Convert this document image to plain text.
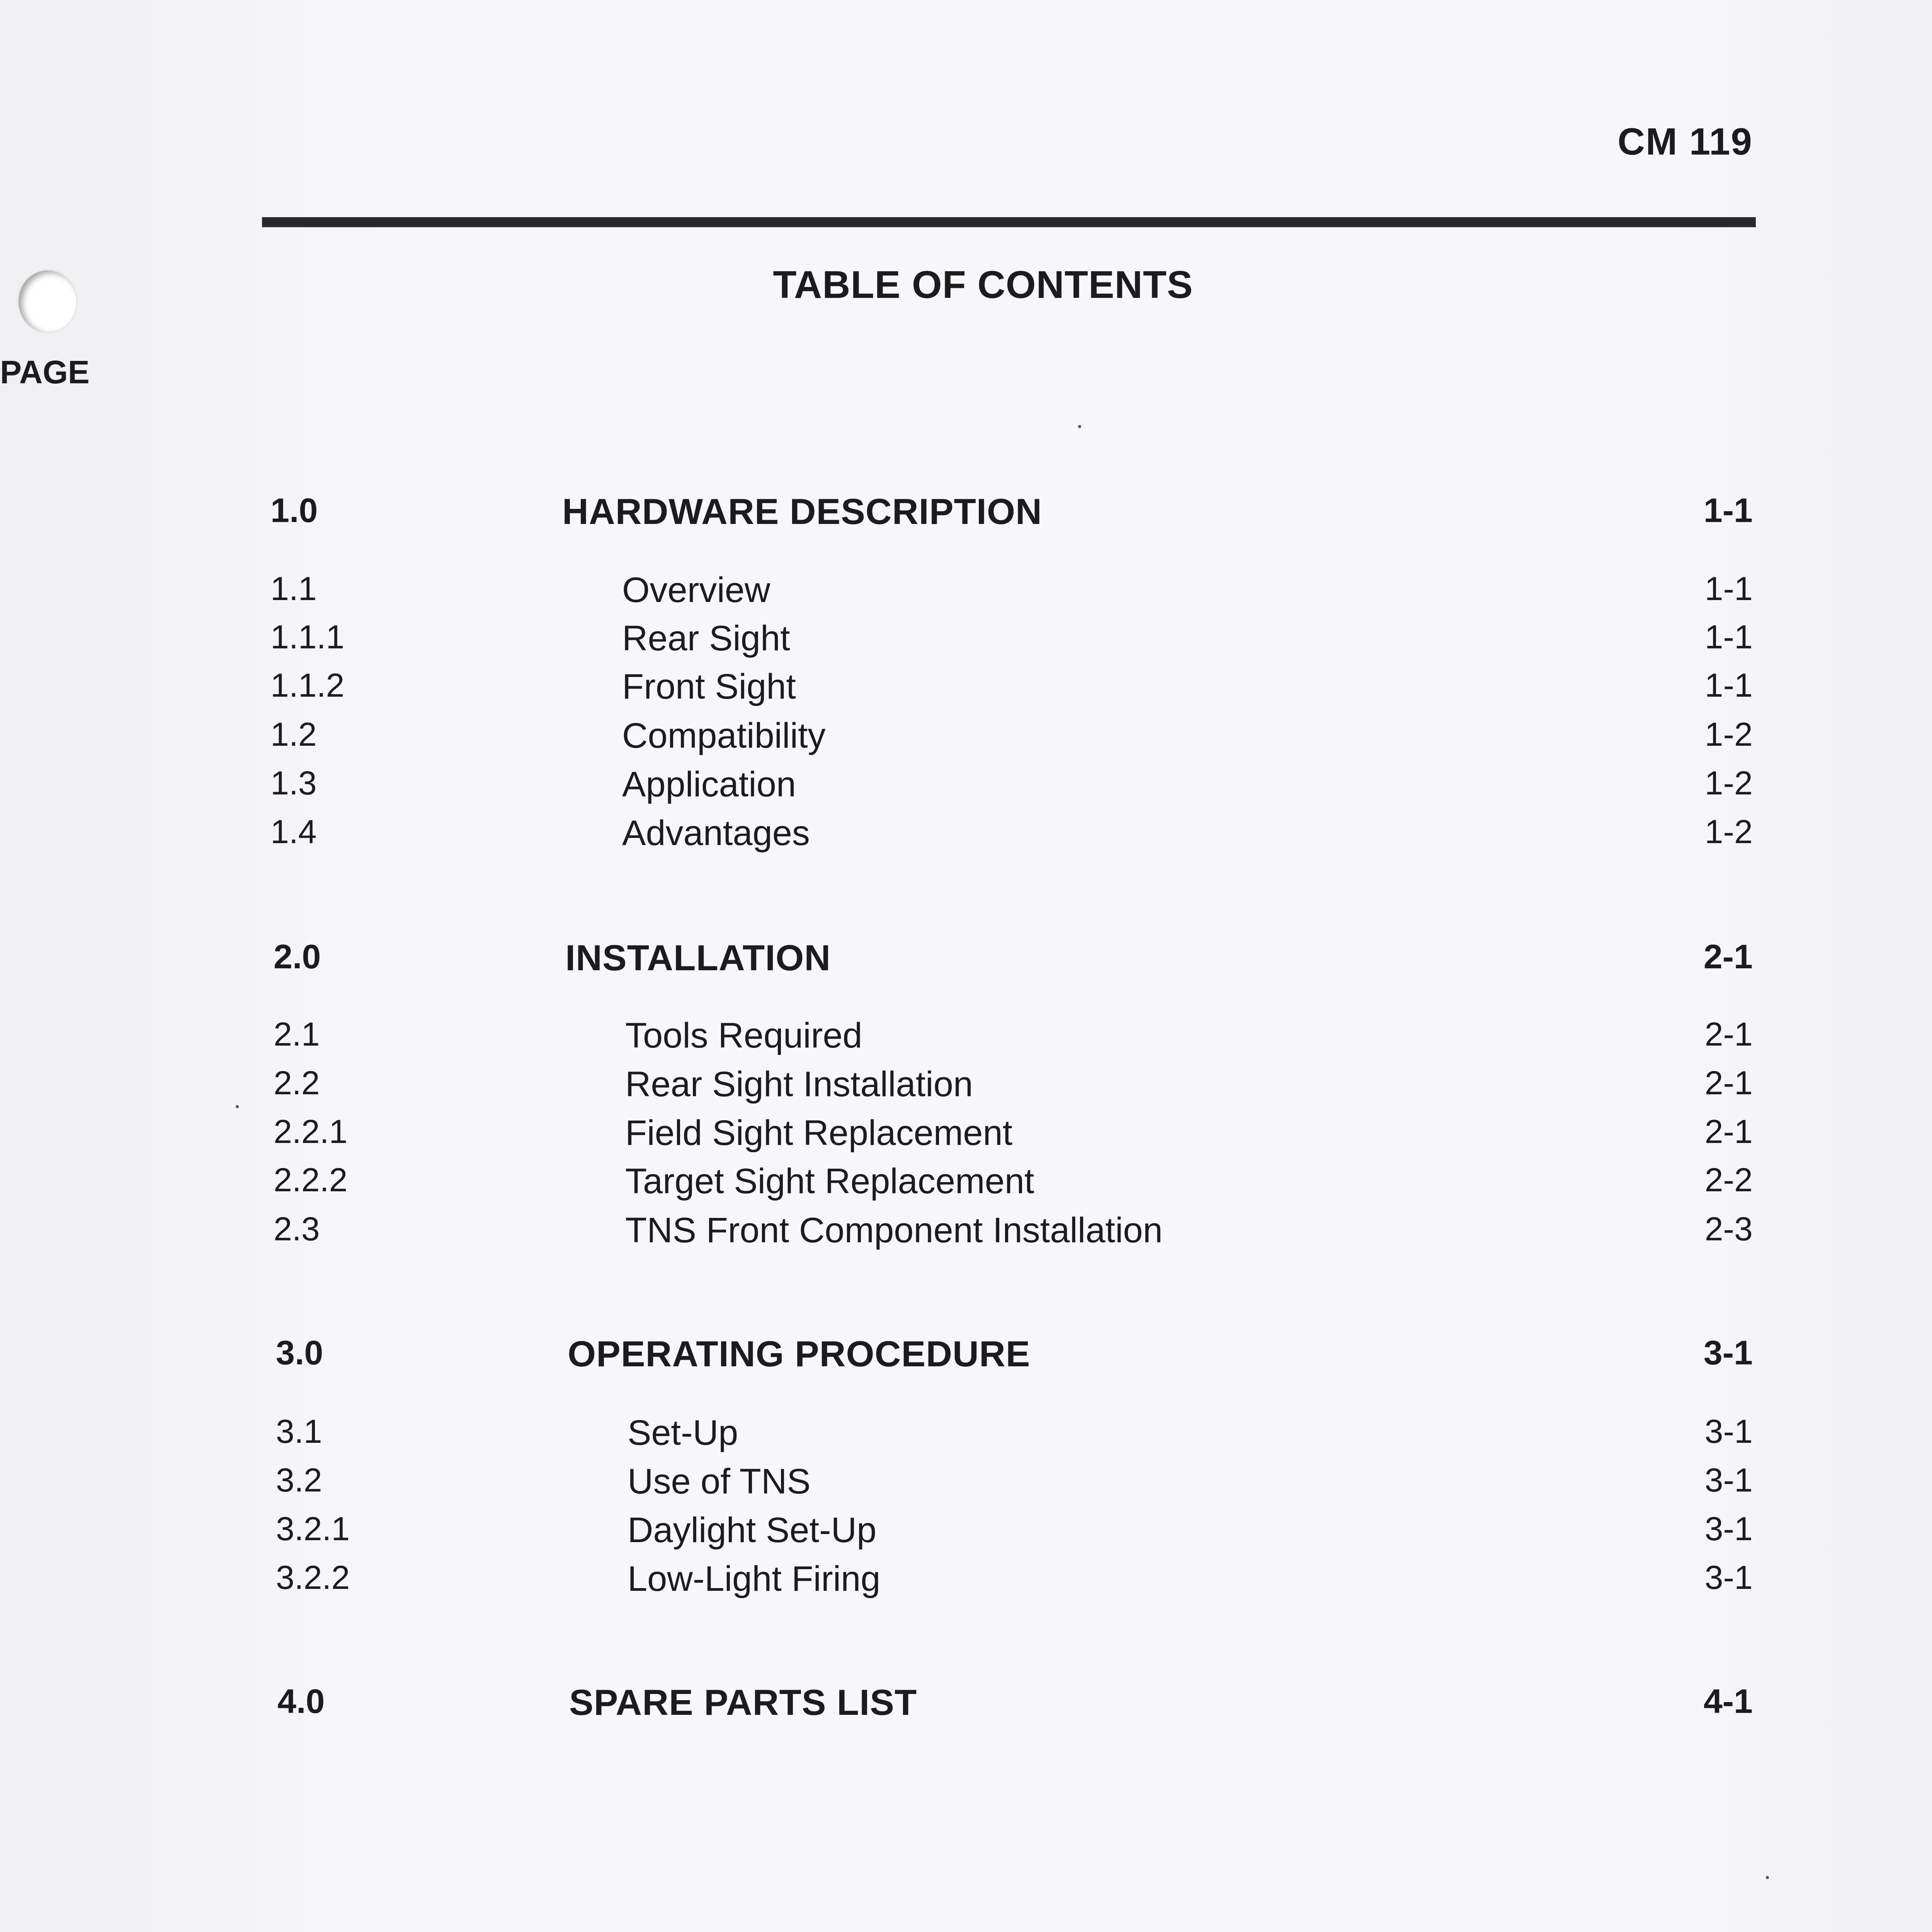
CM 119
TABLE OF CONTENTS
PAGE
1.0	HARDWARE DESCRIPTION	1-1
1.1	Overview	1-1
1.1.1	Rear Sight	1-1
1.1.2	Front Sight	1-1
1.2	Compatibility	1-2
1.3	Application	1-2
1.4	Advantages	1-2
2.0	INSTALLATION	2-1
2.1	Tools Required	2-1
2.2	Rear Sight Installation	2-1
2.2.1	Field Sight Replacement	2-1
2.2.2	Target Sight Replacement	2-2
2.3	TNS Front Component Installation	2-3
3.0	OPERATING PROCEDURE	3-1
3.1	Set-Up	3-1
3.2	Use of TNS	3-1
3.2.1	Daylight Set-Up	3-1
3.2.2	Low-Light Firing	3-1
4.0	SPARE PARTS LIST	4-1
